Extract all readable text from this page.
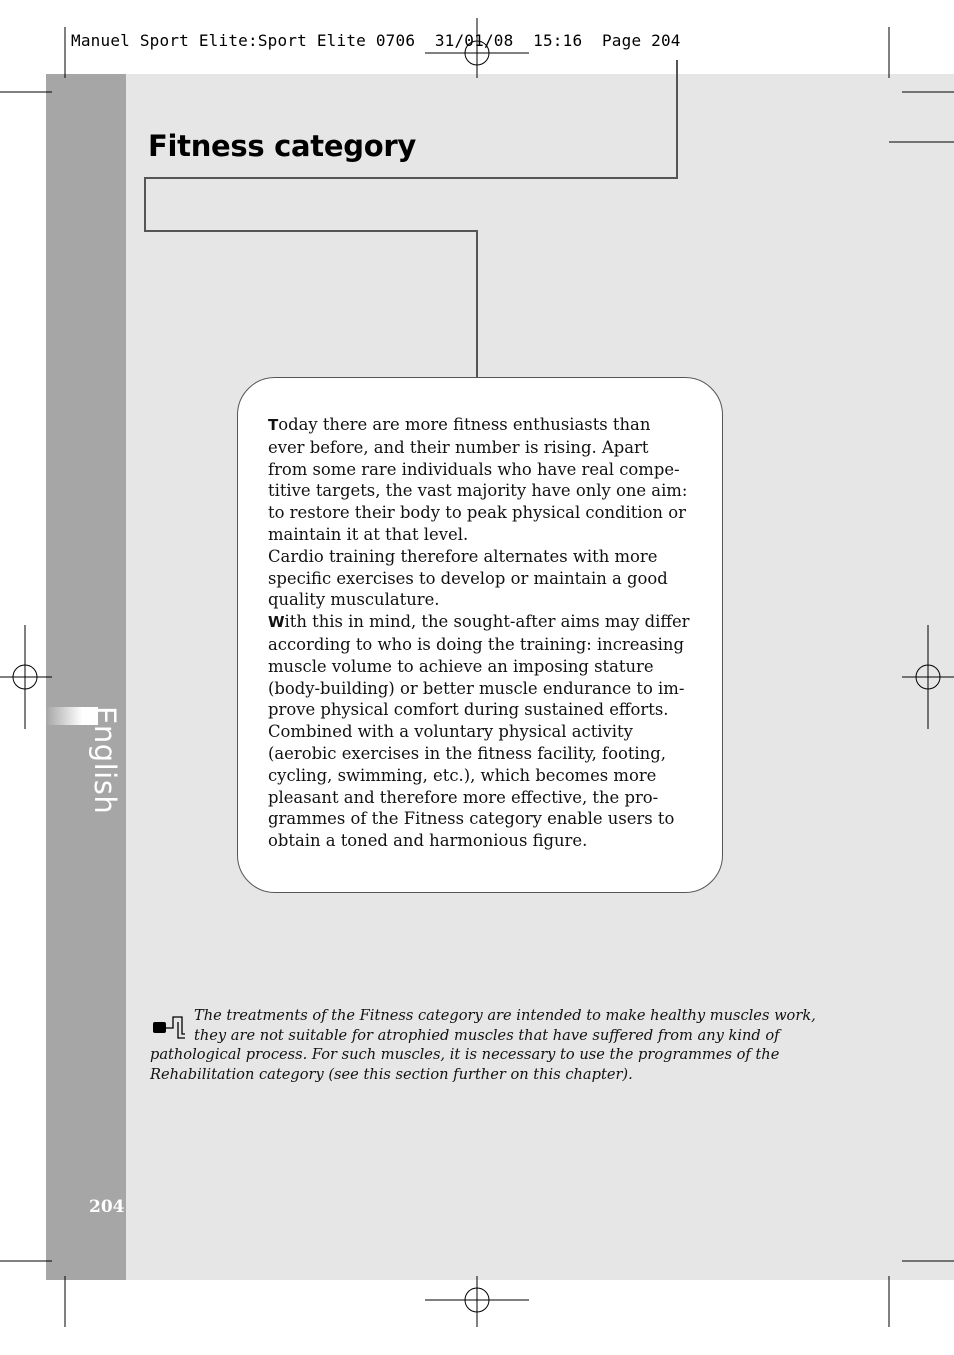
English
204
Manuel Sport Elite:Sport Elite 0706  31/01/08  15:16  Page 204
Fitness category

Today there are more fitness enthusiasts than

ever before, and their number is rising. Apart

from some rare individuals who have real compe-

titive targets, the vast majority have only one aim:

to restore their body to peak physical condition or

maintain it at that level.

Cardio training therefore alternates with more

specific exercises to develop or maintain a good

quality musculature.

With this in mind, the sought-after aims may differ

according to who is doing the training: increasing

muscle volume to achieve an imposing stature

(body-building) or better muscle endurance to im-

prove physical comfort during sustained efforts.

Combined with a voluntary physical activity

(aerobic exercises in the fitness facility, footing,

cycling, swimming, etc.), which becomes more

pleasant and therefore more effective, the pro-

grammes of the Fitness category enable users to

obtain a toned and harmonious figure.

The treatments of the Fitness category are intended to make healthy muscles work,

they are not suitable for atrophied muscles that have suffered from any kind of

pathological process. For such muscles, it is necessary to use the programmes of the

Rehabilitation category (see this section further on this chapter).
